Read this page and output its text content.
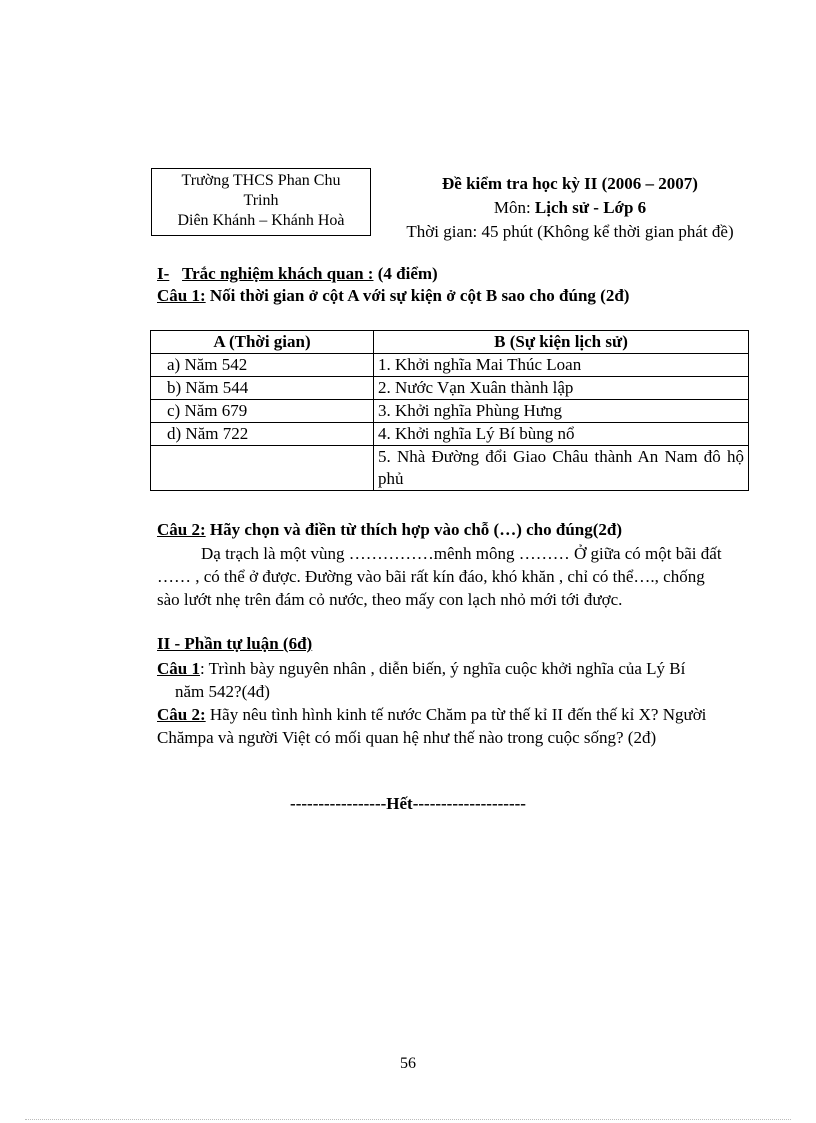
Trường THCS Phan Chu
Trinh
Diên Khánh – Khánh Hoà
Đề kiểm tra học kỳ II (2006 – 2007)
Môn: Lịch sử - Lớp 6
Thời gian: 45 phút (Không kể thời gian phát đề)
I- Trắc nghiệm khách quan : (4 điểm)
Câu 1: Nối thời gian ở cột A với sự kiện ở cột B sao cho đúng (2đ)
A (Thời gian)	B (Sự kiện lịch sử)
a) Năm 542	1. Khởi nghĩa Mai Thúc Loan
b) Năm 544	2. Nước Vạn Xuân thành lập
c) Năm 679	3. Khởi nghĩa Phùng Hưng
d) Năm 722	4. Khởi nghĩa Lý Bí bùng nổ
	5. Nhà Đường đổi Giao Châu thành An Nam đô hộ phủ
Câu 2: Hãy chọn và điền từ thích hợp vào chỗ (…) cho đúng(2đ)
Dạ trạch là một vùng ……………mênh mông ……… Ở giữa có một bãi đất …… , có thể ở được. Đường vào bãi rất kín đáo, khó khăn , chỉ có thể…., chống sào lướt nhẹ trên đám cỏ nước, theo mấy con lạch nhỏ mới tới được.
II - Phần tự luận (6đ)
Câu 1: Trình bày nguyên nhân , diễn biến, ý nghĩa cuộc khởi nghĩa của Lý Bí
năm 542?(4đ)
Câu 2: Hãy nêu tình hình kinh tế nước Chăm pa từ thế kỉ II đến thế kỉ X? Người Chămpa và người Việt có mối quan hệ như thế nào trong cuộc sống? (2đ)
-----------------Hết--------------------
56
